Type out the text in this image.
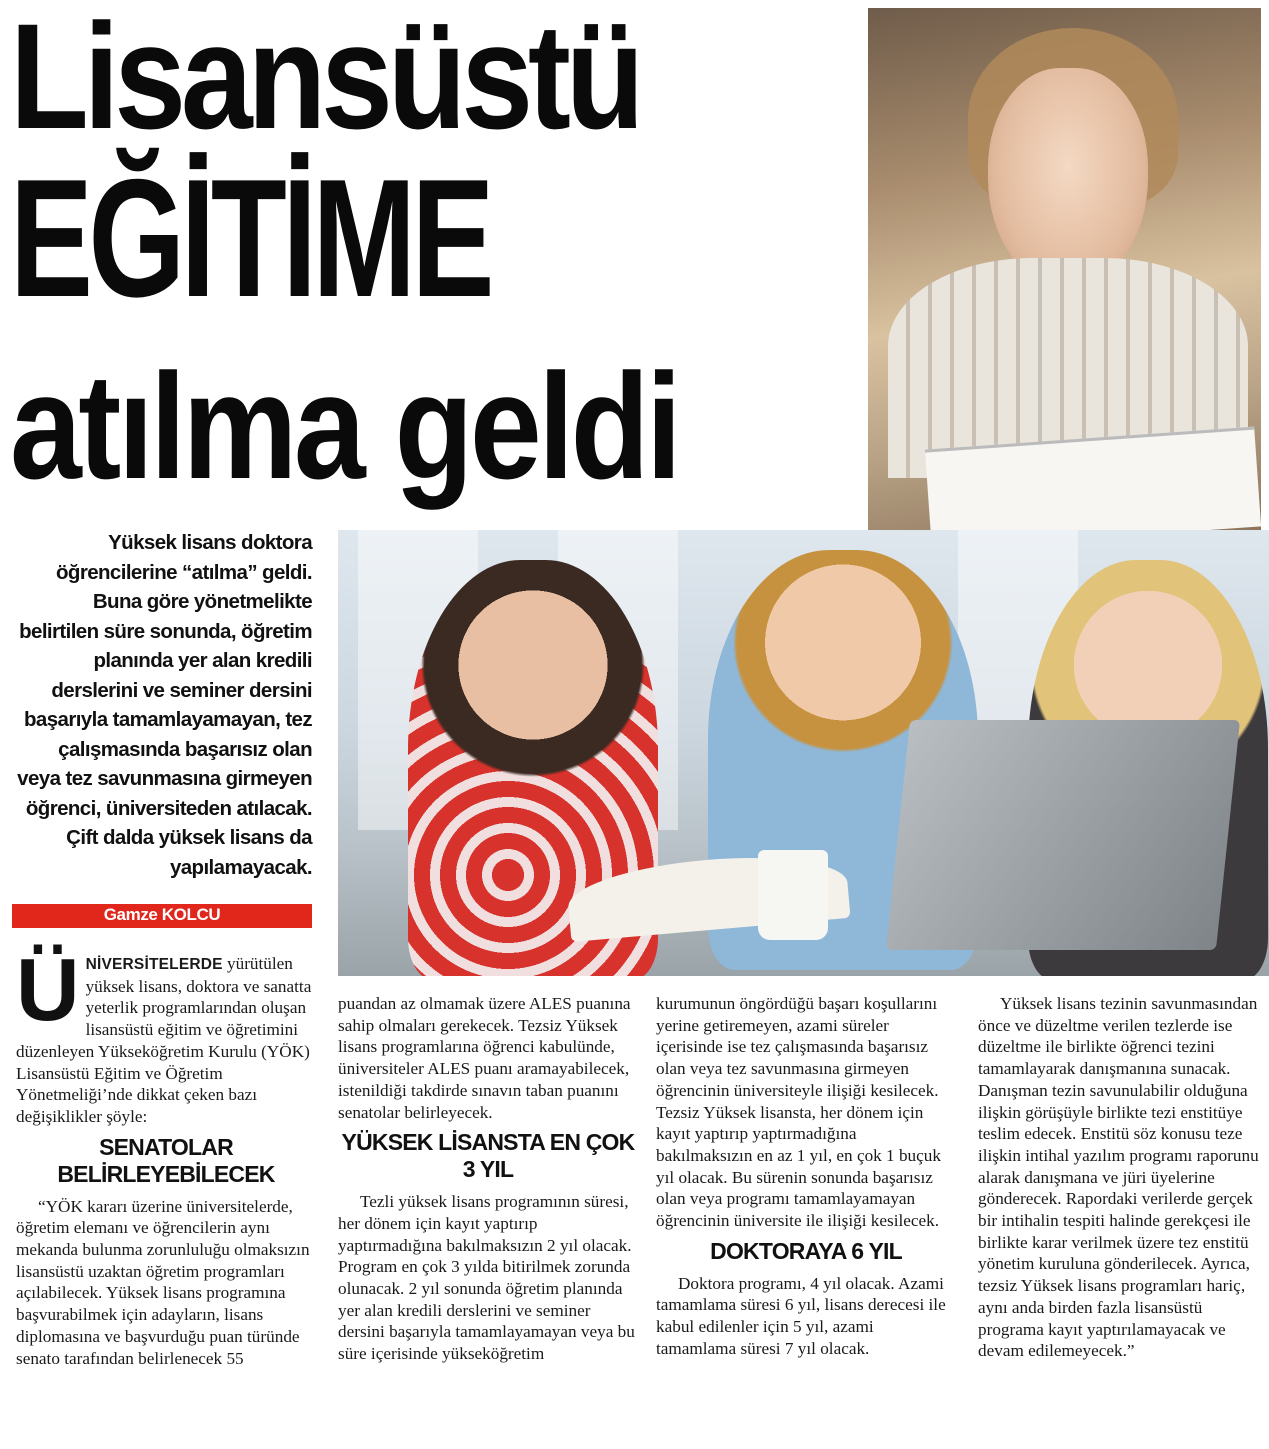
Lisansüstü
EĞİTİME
atılma geldi
Yüksek lisans doktora öğrencilerine “atılma” geldi. Buna göre yönetmelikte belirtilen süre sonunda, öğretim planında yer alan kredili derslerini ve seminer dersini başarıyla tamamlayamayan, tez çalışmasında başarısız olan veya tez savunmasına girmeyen öğrenci, üniversiteden atılacak. Çift dalda yüksek lisans da yapılamayacak.
Gamze KOLCU

ÜNİVERSİTELERDE yürütülen yüksek lisans, doktora ve sanatta yeterlik programlarından oluşan lisansüstü eğitim ve öğretimini düzenleyen Yükseköğretim Kurulu (YÖK) Lisansüstü Eğitim ve Öğretim Yönetmeliği’nde dikkat çeken bazı değişiklikler şöyle:

SENATOLAR BELİRLEYEBİLECEK

“YÖK kararı üzerine üniversitelerde, öğretim elemanı ve öğrencilerin aynı mekanda bulunma zorunluluğu olmaksızın lisansüstü uzaktan öğretim programları açılabilecek. Yüksek lisans programına başvurabilmek için adayların, lisans diplomasına ve başvurduğu puan türünde senato tarafından belirlenecek 55

puandan az olmamak üzere ALES puanına sahip olmaları gerekecek. Tezsiz Yüksek lisans programlarına öğrenci kabulünde, üniversiteler ALES puanı aramayabilecek, istenildiği takdirde sınavın taban puanını senatolar belirleyecek.

YÜKSEK LİSANSTA EN ÇOK 3 YIL

Tezli yüksek lisans programının süresi, her dönem için kayıt yaptırıp yaptırmadığına bakılmaksızın 2 yıl olacak. Program en çok 3 yılda bitirilmek zorunda olunacak. 2 yıl sonunda öğretim planında yer alan kredili derslerini ve seminer dersini başarıyla tamamlayamayan veya bu süre içerisinde yükseköğretim

kurumunun öngördüğü başarı koşullarını yerine getiremeyen, azami süreler içerisinde ise tez çalışmasında başarısız olan veya tez savunmasına girmeyen öğrencinin üniversiteyle ilişiği kesilecek. Tezsiz Yüksek lisansta, her dönem için kayıt yaptırıp yaptırmadığına bakılmaksızın en az 1 yıl, en çok 1 buçuk yıl olacak. Bu sürenin sonunda başarısız olan veya programı tamamlayamayan öğrencinin üniversite ile ilişiği kesilecek.

DOKTORAYA 6 YIL

Doktora programı, 4 yıl olacak. Azami tamamlama süresi 6 yıl, lisans derecesi ile kabul edilenler için 5 yıl, azami tamamlama süresi 7 yıl olacak.

Yüksek lisans tezinin savunmasından önce ve düzeltme verilen tezlerde ise düzeltme ile birlikte öğrenci tezini tamamlayarak danışmanına sunacak. Danışman tezin savunulabilir olduğuna ilişkin görüşüyle birlikte tezi enstitüye teslim edecek. Enstitü söz konusu teze ilişkin intihal yazılım programı raporunu alarak danışmana ve jüri üyelerine gönderecek. Rapordaki verilerde gerçek bir intihalin tespiti halinde gerekçesi ile birlikte karar verilmek üzere tez enstitü yönetim kuruluna gönderilecek. Ayrıca, tezsiz Yüksek lisans programları hariç, aynı anda birden fazla lisansüstü programa kayıt yaptırılamayacak ve devam edilemeyecek.”
